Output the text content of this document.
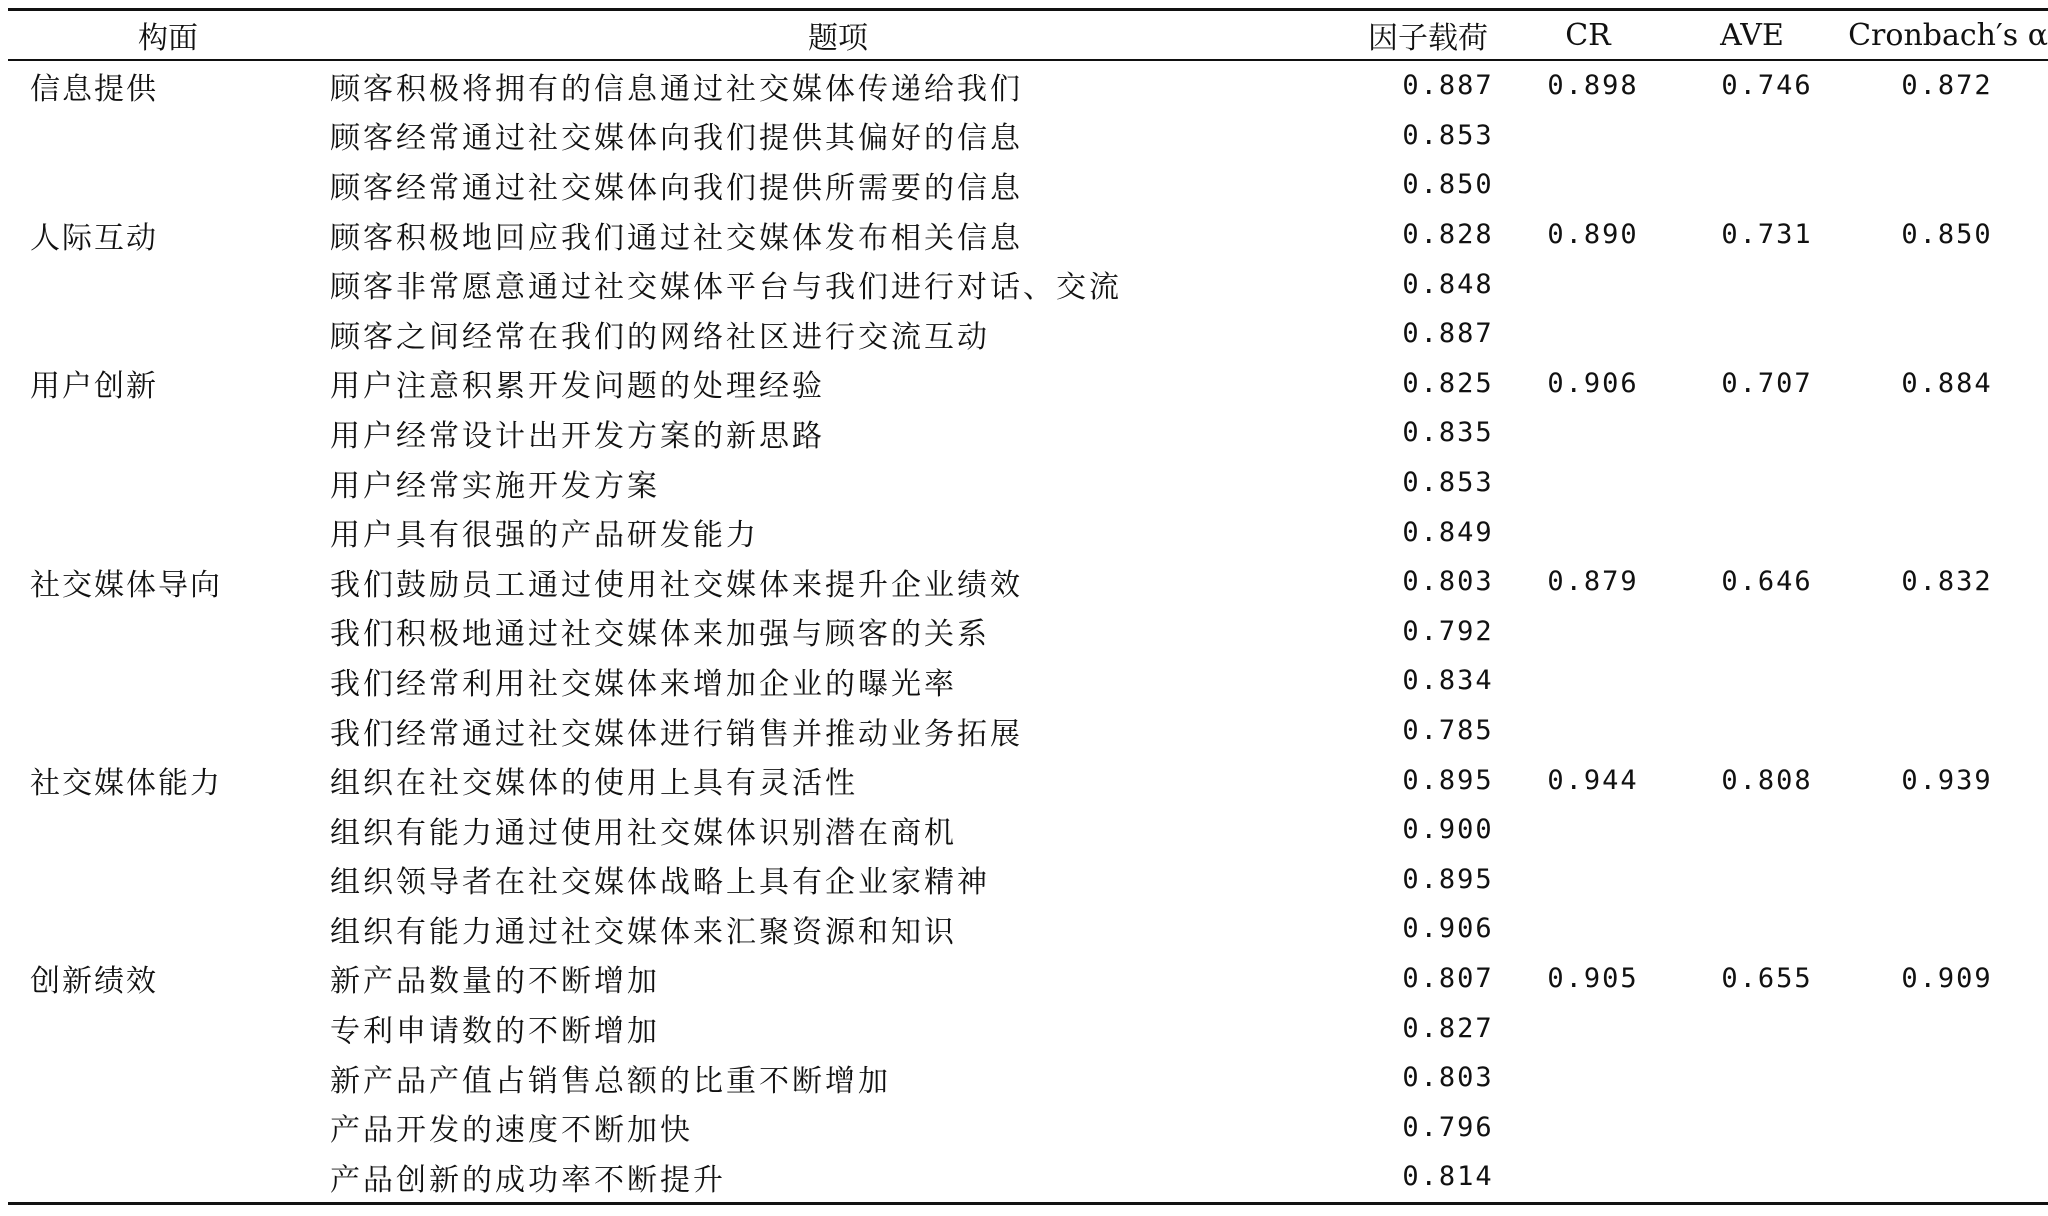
构面	题项	因子载荷	CR	AVE	Cronbach′s α
信息提供	顾客积极将拥有的信息通过社交媒体传递给我们	0.887	0.898	0.746	0.872
	顾客经常通过社交媒体向我们提供其偏好的信息	0.853			
	顾客经常通过社交媒体向我们提供所需要的信息	0.850			
人际互动	顾客积极地回应我们通过社交媒体发布相关信息	0.828	0.890	0.731	0.850
	顾客非常愿意通过社交媒体平台与我们进行对话、交流	0.848			
	顾客之间经常在我们的网络社区进行交流互动	0.887			
用户创新	用户注意积累开发问题的处理经验	0.825	0.906	0.707	0.884
	用户经常设计出开发方案的新思路	0.835			
	用户经常实施开发方案	0.853			
	用户具有很强的产品研发能力	0.849			
社交媒体导向	我们鼓励员工通过使用社交媒体来提升企业绩效	0.803	0.879	0.646	0.832
	我们积极地通过社交媒体来加强与顾客的关系	0.792			
	我们经常利用社交媒体来增加企业的曝光率	0.834			
	我们经常通过社交媒体进行销售并推动业务拓展	0.785			
社交媒体能力	组织在社交媒体的使用上具有灵活性	0.895	0.944	0.808	0.939
	组织有能力通过使用社交媒体识别潜在商机	0.900			
	组织领导者在社交媒体战略上具有企业家精神	0.895			
	组织有能力通过社交媒体来汇聚资源和知识	0.906			
创新绩效	新产品数量的不断增加	0.807	0.905	0.655	0.909
	专利申请数的不断增加	0.827			
	新产品产值占销售总额的比重不断增加	0.803			
	产品开发的速度不断加快	0.796			
	产品创新的成功率不断提升	0.814			
